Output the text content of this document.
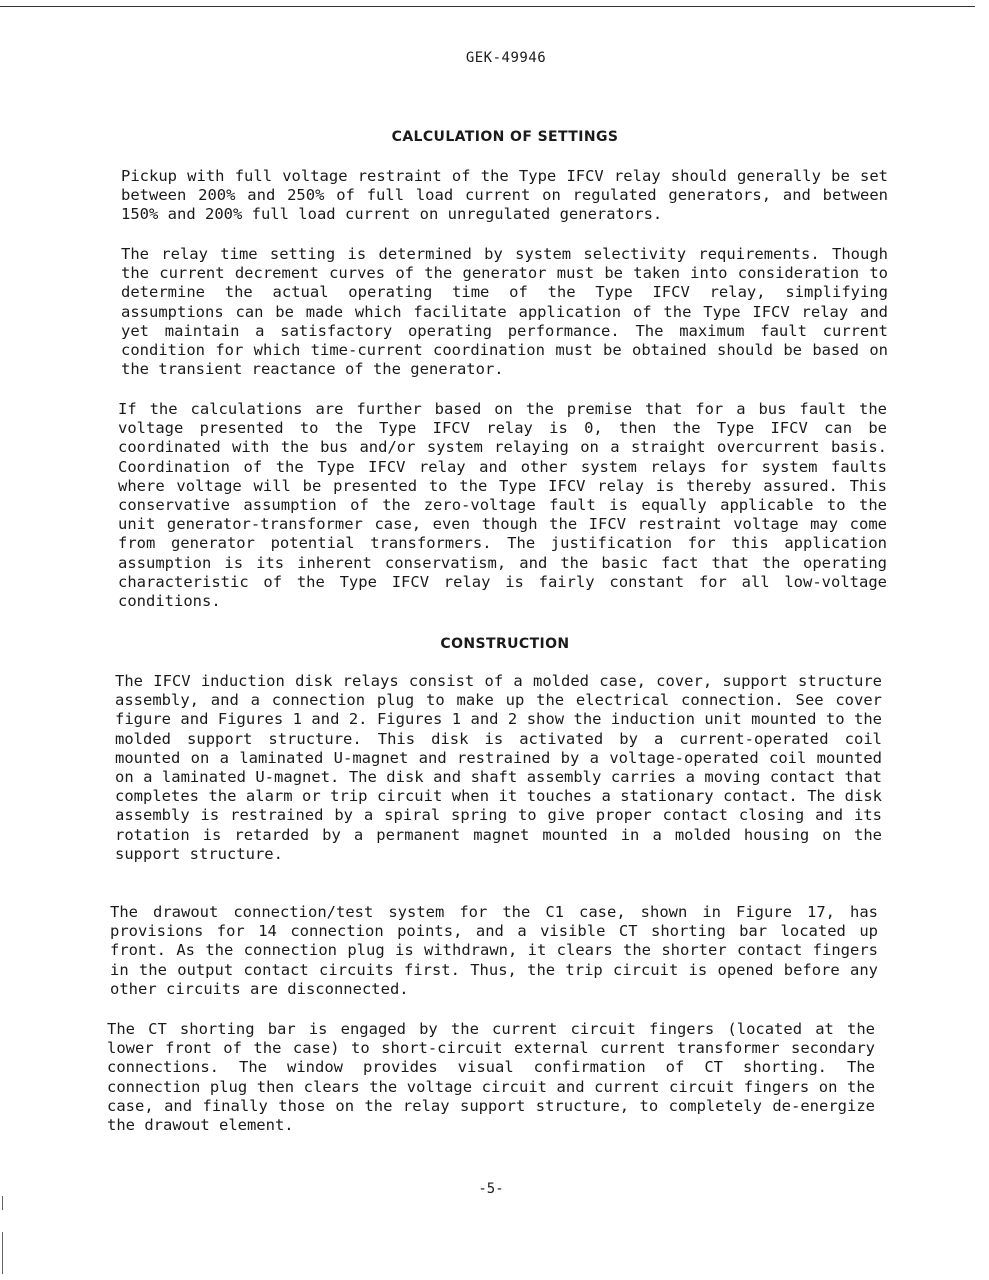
GEK-49946
CALCULATION OF SETTINGS

Pickup with full voltage restraint of the Type IFCV relay should generally be set between 200% and 250% of full load current on regulated generators, and between 150% and 200% full load current on unregulated generators.

The relay time setting is determined by system selectivity requirements. Though the current decrement curves of the generator must be taken into consideration to determine the actual operating time of the Type IFCV relay, simplifying assumptions can be made which facilitate application of the Type IFCV relay and yet maintain a satisfactory operating performance. The maximum fault current condition for which time-current coordination must be obtained should be based on the transient reactance of the generator.

If the calculations are further based on the premise that for a bus fault the voltage presented to the Type IFCV relay is 0, then the Type IFCV can be coordinated with the bus and/or system relaying on a straight overcurrent basis. Coordination of the Type IFCV relay and other system relays for system faults where voltage will be presented to the Type IFCV relay is thereby assured. This conservative assumption of the zero-voltage fault is equally applicable to the unit generator-transformer case, even though the IFCV restraint voltage may come from generator potential transformers. The justification for this application assumption is its inherent conservatism, and the basic fact that the operating characteristic of the Type IFCV relay is fairly constant for all low-voltage conditions.

CONSTRUCTION

The IFCV induction disk relays consist of a molded case, cover, support structure assembly, and a connection plug to make up the electrical connection. See cover figure and Figures 1 and 2. Figures 1 and 2 show the induction unit mounted to the molded support structure. This disk is activated by a current-operated coil mounted on a laminated U-magnet and restrained by a voltage-operated coil mounted on a laminated U-magnet. The disk and shaft assembly carries a moving contact that completes the alarm or trip circuit when it touches a stationary contact. The disk assembly is restrained by a spiral spring to give proper contact closing and its rotation is retarded by a permanent magnet mounted in a molded housing on the support structure.

The drawout connection/test system for the C1 case, shown in Figure 17, has provisions for 14 connection points, and a visible CT shorting bar located up front. As the connection plug is withdrawn, it clears the shorter contact fingers in the output contact circuits first. Thus, the trip circuit is opened before any other circuits are disconnected.

The CT shorting bar is engaged by the current circuit fingers (located at the lower front of the case) to short-circuit external current transformer secondary connections. The window provides visual confirmation of CT shorting. The connection plug then clears the voltage circuit and current circuit fingers on the case, and finally those on the relay support structure, to completely de-energize the drawout element.

-5-
